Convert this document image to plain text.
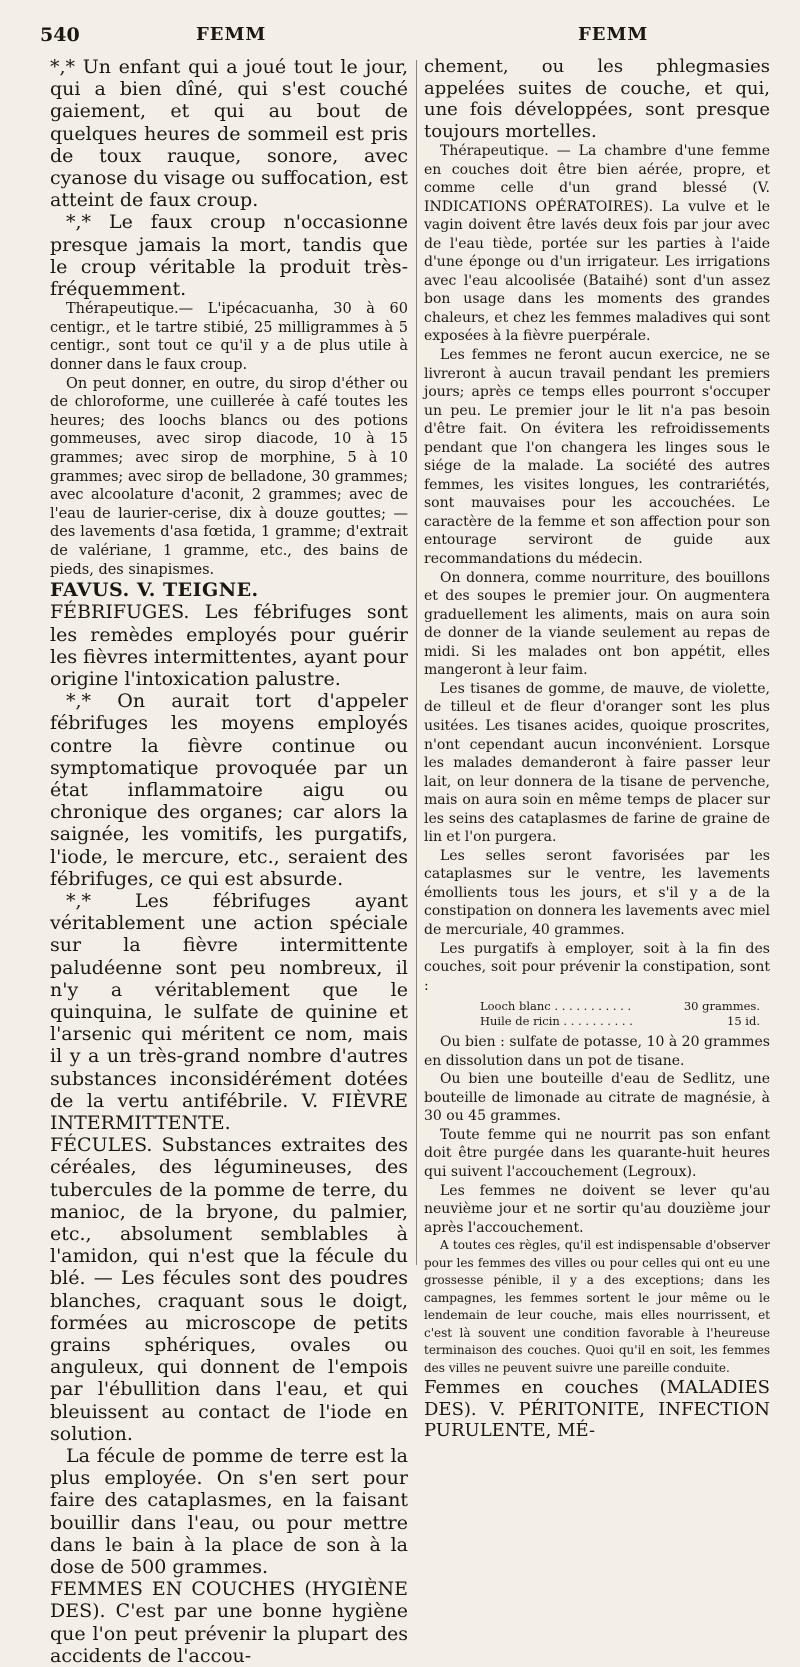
540	FEMM	FEMM

*,* Un enfant qui a joué tout le jour, qui a bien dîné, qui s'est couché gaiement, et qui au bout de quelques heures de sommeil est pris de toux rauque, sonore, avec cyanose du visage ou suffocation, est atteint de faux croup.

*,* Le faux croup n'occasionne presque jamais la mort, tandis que le croup véritable la produit très-fréquemment.

Thérapeutique.— L'ipécacuanha, 30 à 60 centigr., et le tartre stibié, 25 milligrammes à 5 centigr., sont tout ce qu'il y a de plus utile à donner dans le faux croup.

On peut donner, en outre, du sirop d'éther ou de chloroforme, une cuillerée à café toutes les heures; des loochs blancs ou des potions gommeuses, avec sirop diacode, 10 à 15 grammes; avec sirop de morphine, 5 à 10 grammes; avec sirop de belladone, 30 grammes; avec alcoolature d'aconit, 2 grammes; avec de l'eau de laurier-cerise, dix à douze gouttes; — des lavements d'asa fœtida, 1 gramme; d'extrait de valériane, 1 gramme, etc., des bains de pieds, des sinapismes.

FAVUS. V. TEIGNE.

FÉBRIFUGES. Les fébrifuges sont les remèdes employés pour guérir les fièvres intermittentes, ayant pour origine l'intoxication palustre.

*,* On aurait tort d'appeler fébrifuges les moyens employés contre la fièvre continue ou symptomatique provoquée par un état inflammatoire aigu ou chronique des organes; car alors la saignée, les vomitifs, les purgatifs, l'iode, le mercure, etc., seraient des fébrifuges, ce qui est absurde.

*,* Les fébrifuges ayant véritablement une action spéciale sur la fièvre intermittente paludéenne sont peu nombreux, il n'y a véritablement que le quinquina, le sulfate de quinine et l'arsenic qui méritent ce nom, mais il y a un très-grand nombre d'autres substances inconsidérément dotées de la vertu antifébrile. V. FIÈVRE INTERMITTENTE.

FÉCULES. Substances extraites des céréales, des légumineuses, des tubercules de la pomme de terre, du manioc, de la bryone, du palmier, etc., absolument semblables à l'amidon, qui n'est que la fécule du blé. — Les fécules sont des poudres blanches, craquant sous le doigt, formées au microscope de petits grains sphériques, ovales ou anguleux, qui donnent de l'empois par l'ébullition dans l'eau, et qui bleuissent au contact de l'iode en solution.

La fécule de pomme de terre est la plus employée. On s'en sert pour faire des cataplasmes, en la faisant bouillir dans l'eau, ou pour mettre dans le bain à la place de son à la dose de 500 grammes.

FEMMES EN COUCHES (HYGIÈNE DES). C'est par une bonne hygiène que l'on peut prévenir la plupart des accidents de l'accou-

chement, ou les phlegmasies appelées suites de couche, et qui, une fois développées, sont presque toujours mortelles.

Thérapeutique. — La chambre d'une femme en couches doit être bien aérée, propre, et comme celle d'un grand blessé (V. INDICATIONS OPÉRATOIRES). La vulve et le vagin doivent être lavés deux fois par jour avec de l'eau tiède, portée sur les parties à l'aide d'une éponge ou d'un irrigateur. Les irrigations avec l'eau alcoolisée (Bataihé) sont d'un assez bon usage dans les moments des grandes chaleurs, et chez les femmes maladives qui sont exposées à la fièvre puerpérale.

Les femmes ne feront aucun exercice, ne se livreront à aucun travail pendant les premiers jours; après ce temps elles pourront s'occuper un peu. Le premier jour le lit n'a pas besoin d'être fait. On évitera les refroidissements pendant que l'on changera les linges sous le siége de la malade. La société des autres femmes, les visites longues, les contrariétés, sont mauvaises pour les accouchées. Le caractère de la femme et son affection pour son entourage serviront de guide aux recommandations du médecin.

On donnera, comme nourriture, des bouillons et des soupes le premier jour. On augmentera graduellement les aliments, mais on aura soin de donner de la viande seulement au repas de midi. Si les malades ont bon appétit, elles mangeront à leur faim.

Les tisanes de gomme, de mauve, de violette, de tilleul et de fleur d'oranger sont les plus usitées. Les tisanes acides, quoique proscrites, n'ont cependant aucun inconvénient. Lorsque les malades demanderont à faire passer leur lait, on leur donnera de la tisane de pervenche, mais on aura soin en même temps de placer sur les seins des cataplasmes de farine de graine de lin et l'on purgera.

Les selles seront favorisées par les cataplasmes sur le ventre, les lavements émollients tous les jours, et s'il y a de la constipation on donnera les lavements avec miel de mercuriale, 40 grammes.

Les purgatifs à employer, soit à la fin des couches, soit pour prévenir la constipation, sont :

Looch blanc . . . . . . . . . . .	30 grammes.
Huile de ricin . . . . . . . . . .	15 id.

Ou bien : sulfate de potasse, 10 à 20 grammes en dissolution dans un pot de tisane.

Ou bien une bouteille d'eau de Sedlitz, une bouteille de limonade au citrate de magnésie, à 30 ou 45 grammes.

Toute femme qui ne nourrit pas son enfant doit être purgée dans les quarante-huit heures qui suivent l'accouchement (Legroux).

Les femmes ne doivent se lever qu'au neuvième jour et ne sortir qu'au douzième jour après l'accouchement.

A toutes ces règles, qu'il est indispensable d'observer pour les femmes des villes ou pour celles qui ont eu une grossesse pénible, il y a des exceptions; dans les campagnes, les femmes sortent le jour même ou le lendemain de leur couche, mais elles nourrissent, et c'est là souvent une condition favorable à l'heureuse terminaison des couches. Quoi qu'il en soit, les femmes des villes ne peuvent suivre une pareille conduite.

Femmes en couches (MALADIES DES). V. PÉRITONITE, INFECTION PURULENTE, MÉ-
